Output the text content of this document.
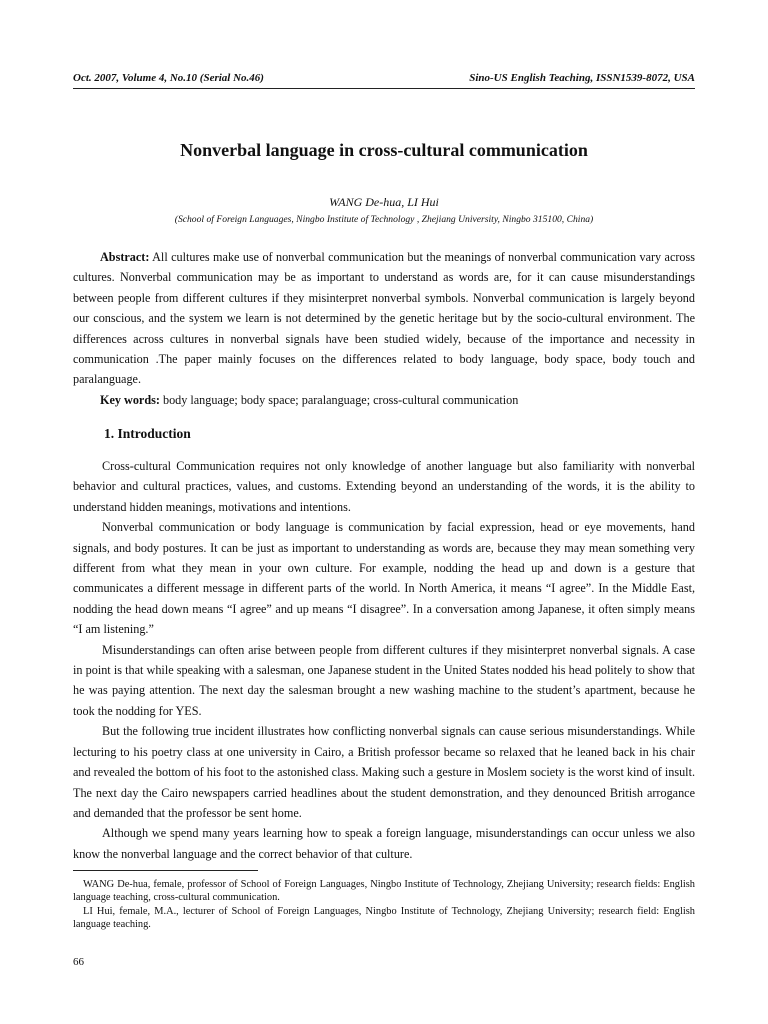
Oct. 2007, Volume 4, No.10 (Serial No.46)	Sino-US English Teaching, ISSN1539-8072, USA
Nonverbal language in cross-cultural communication
WANG De-hua, LI Hui
(School of Foreign Languages, Ningbo Institute of Technology , Zhejiang University, Ningbo 315100, China)

Abstract: All cultures make use of nonverbal communication but the meanings of nonverbal communication vary across cultures. Nonverbal communication may be as important to understand as words are, for it can cause misunderstandings between people from different cultures if they misinterpret nonverbal symbols. Nonverbal communication is largely beyond our conscious, and the system we learn is not determined by the genetic heritage but by the socio-cultural environment. The differences across cultures in nonverbal signals have been studied widely, because of the importance and necessity in communication .The paper mainly focuses on the differences related to body language, body space, body touch and paralanguage.

Key words: body language; body space; paralanguage; cross-cultural communication

1. Introduction

Cross-cultural Communication requires not only knowledge of another language but also familiarity with nonverbal behavior and cultural practices, values, and customs. Extending beyond an understanding of the words, it is the ability to understand hidden meanings, motivations and intentions.

Nonverbal communication or body language is communication by facial expression, head or eye movements, hand signals, and body postures. It can be just as important to understanding as words are, because they may mean something very different from what they mean in your own culture. For example, nodding the head up and down is a gesture that communicates a different message in different parts of the world. In North America, it means “I agree”. In the Middle East, nodding the head down means “I agree” and up means “I disagree”. In a conversation among Japanese, it often simply means “I am listening.”

Misunderstandings can often arise between people from different cultures if they misinterpret nonverbal signals. A case in point is that while speaking with a salesman, one Japanese student in the United States nodded his head politely to show that he was paying attention. The next day the salesman brought a new washing machine to the student’s apartment, because he took the nodding for YES.

But the following true incident illustrates how conflicting nonverbal signals can cause serious misunderstandings. While lecturing to his poetry class at one university in Cairo, a British professor became so relaxed that he leaned back in his chair and revealed the bottom of his foot to the astonished class. Making such a gesture in Moslem society is the worst kind of insult. The next day the Cairo newspapers carried headlines about the student demonstration, and they denounced British arrogance and demanded that the professor be sent home.

Although we spend many years learning how to speak a foreign language, misunderstandings can occur unless we also know the nonverbal language and the correct behavior of that culture.

WANG De-hua, female, professor of School of Foreign Languages, Ningbo Institute of Technology, Zhejiang University; research fields: English language teaching, cross-cultural communication.

LI Hui, female, M.A., lecturer of School of Foreign Languages, Ningbo Institute of Technology, Zhejiang University; research field: English language teaching.

66
